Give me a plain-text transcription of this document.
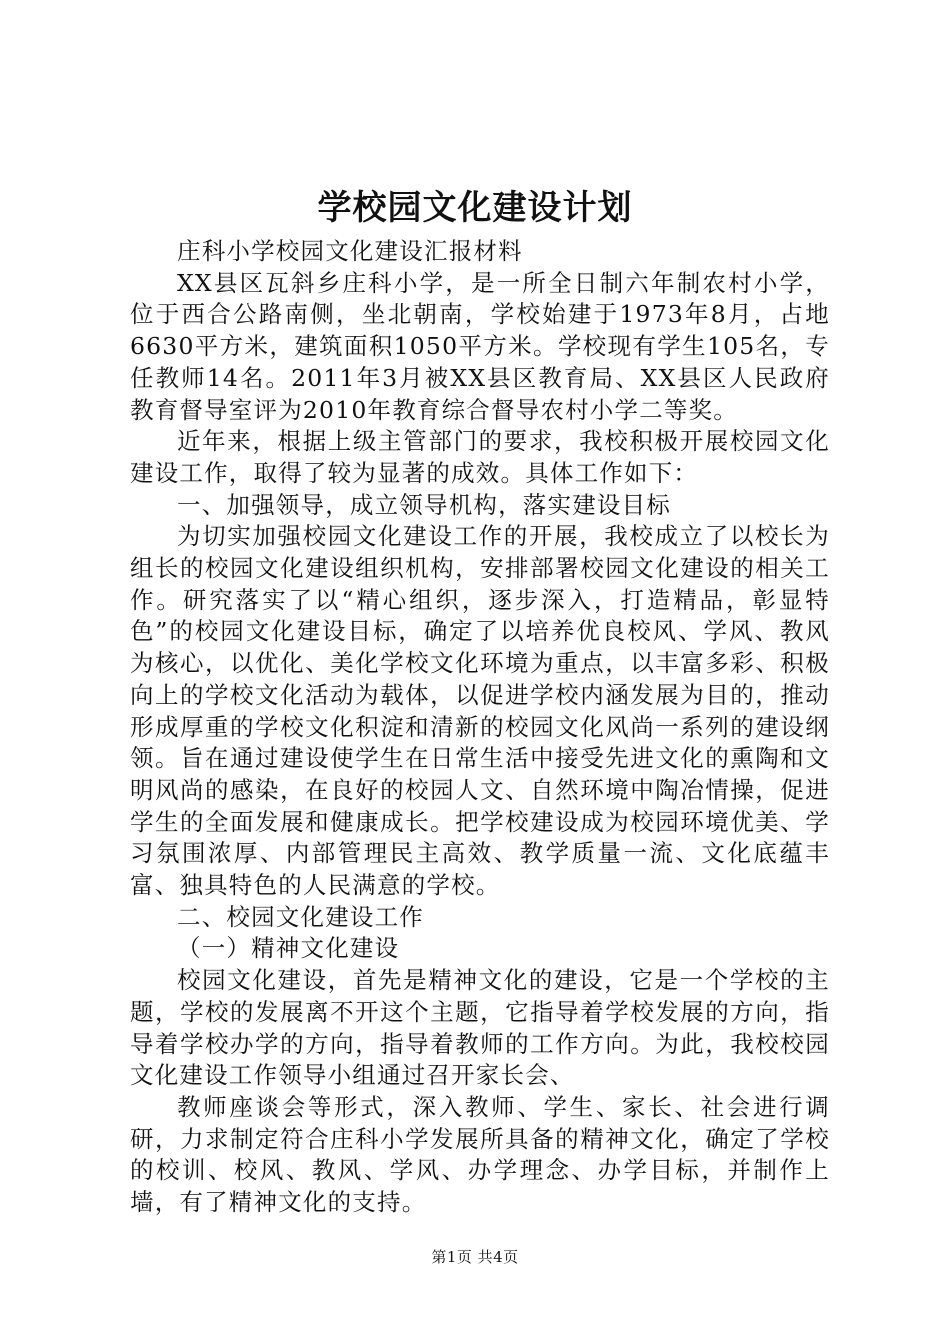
学校园文化建设计划

庄科小学校园文化建设汇报材料

XX县区瓦斜乡庄科小学，是一所全日制六年制农村小学，位于西合公路南侧，坐北朝南，学校始建于1973年8月，占地6630平方米，建筑面积1050平方米。学校现有学生105名，专任教师14名。2011年3月被XX县区教育局、XX县区人民政府教育督导室评为2010年教育综合督导农村小学二等奖。

近年来，根据上级主管部门的要求，我校积极开展校园文化建设工作，取得了较为显著的成效。具体工作如下：

一、加强领导，成立领导机构，落实建设目标

为切实加强校园文化建设工作的开展，我校成立了以校长为组长的校园文化建设组织机构，安排部署校园文化建设的相关工作。研究落实了以“精心组织，逐步深入，打造精品，彰显特色”的校园文化建设目标，确定了以培养优良校风、学风、教风为核心，以优化、美化学校文化环境为重点，以丰富多彩、积极向上的学校文化活动为载体，以促进学校内涵发展为目的，推动形成厚重的学校文化积淀和清新的校园文化风尚一系列的建设纲领。旨在通过建设使学生在日常生活中接受先进文化的熏陶和文明风尚的感染，在良好的校园人文、自然环境中陶冶情操，促进学生的全面发展和健康成长。把学校建设成为校园环境优美、学习氛围浓厚、内部管理民主高效、教学质量一流、文化底蕴丰富、独具特色的人民满意的学校。

二、校园文化建设工作

（一）精神文化建设

校园文化建设，首先是精神文化的建设，它是一个学校的主题，学校的发展离不开这个主题，它指导着学校发展的方向，指导着学校办学的方向，指导着教师的工作方向。为此，我校校园文化建设工作领导小组通过召开家长会、

教师座谈会等形式，深入教师、学生、家长、社会进行调研，力求制定符合庄科小学发展所具备的精神文化，确定了学校的校训、校风、教风、学风、办学理念、办学目标，并制作上墙，有了精神文化的支持。

第1页 共4页
